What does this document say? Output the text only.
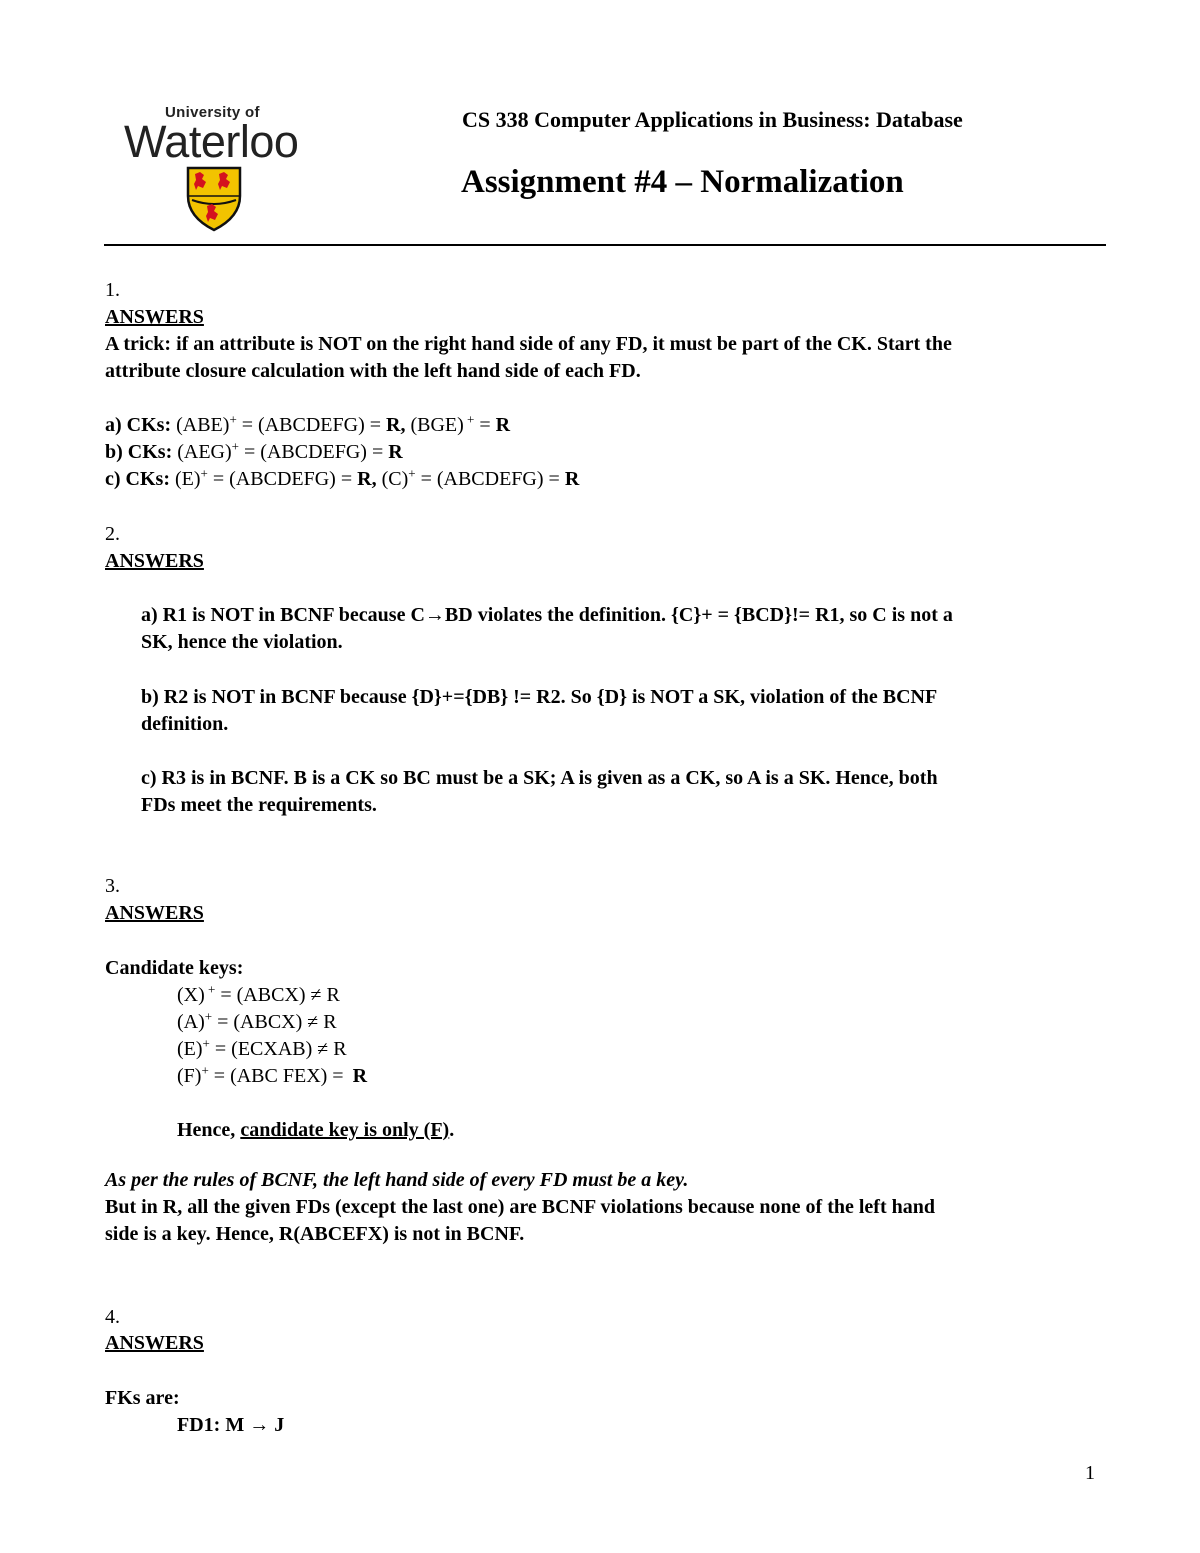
University of
Waterloo	CS 338 Computer Applications in Business: Database
Assignment #4 – Normalization
1.
ANSWERS
A trick: if an attribute is NOT on the right hand side of any FD, it must be part of the CK. Start the
attribute closure calculation with the left hand side of each FD.
a) CKs: (ABE)+ = (ABCDEFG) = R, (BGE) + = R
b) CKs: (AEG)+ = (ABCDEFG) = R
c) CKs: (E)+ = (ABCDEFG) = R, (C)+ = (ABCDEFG) = R
2.
ANSWERS
a) R1 is NOT in BCNF because C→BD violates the definition. {C}+ = {BCD}!= R1, so C is not a
SK, hence the violation.
b) R2 is NOT in BCNF because {D}+={DB} != R2. So {D} is NOT a SK, violation of the BCNF
definition.
c) R3 is in BCNF. B is a CK so BC must be a SK; A is given as a CK, so A is a SK. Hence, both
FDs meet the requirements.
3.
ANSWERS
Candidate keys:
(X) + = (ABCX) ≠ R
(A)+ = (ABCX) ≠ R
(E)+ = (ECXAB) ≠ R
(F)+ = (ABC FEX) = R
Hence, candidate key is only (F).
As per the rules of BCNF, the left hand side of every FD must be a key.
But in R, all the given FDs (except the last one) are BCNF violations because none of the left hand
side is a key. Hence, R(ABCEFX) is not in BCNF.
4.
ANSWERS
FKs are:
FD1: M → J
1
